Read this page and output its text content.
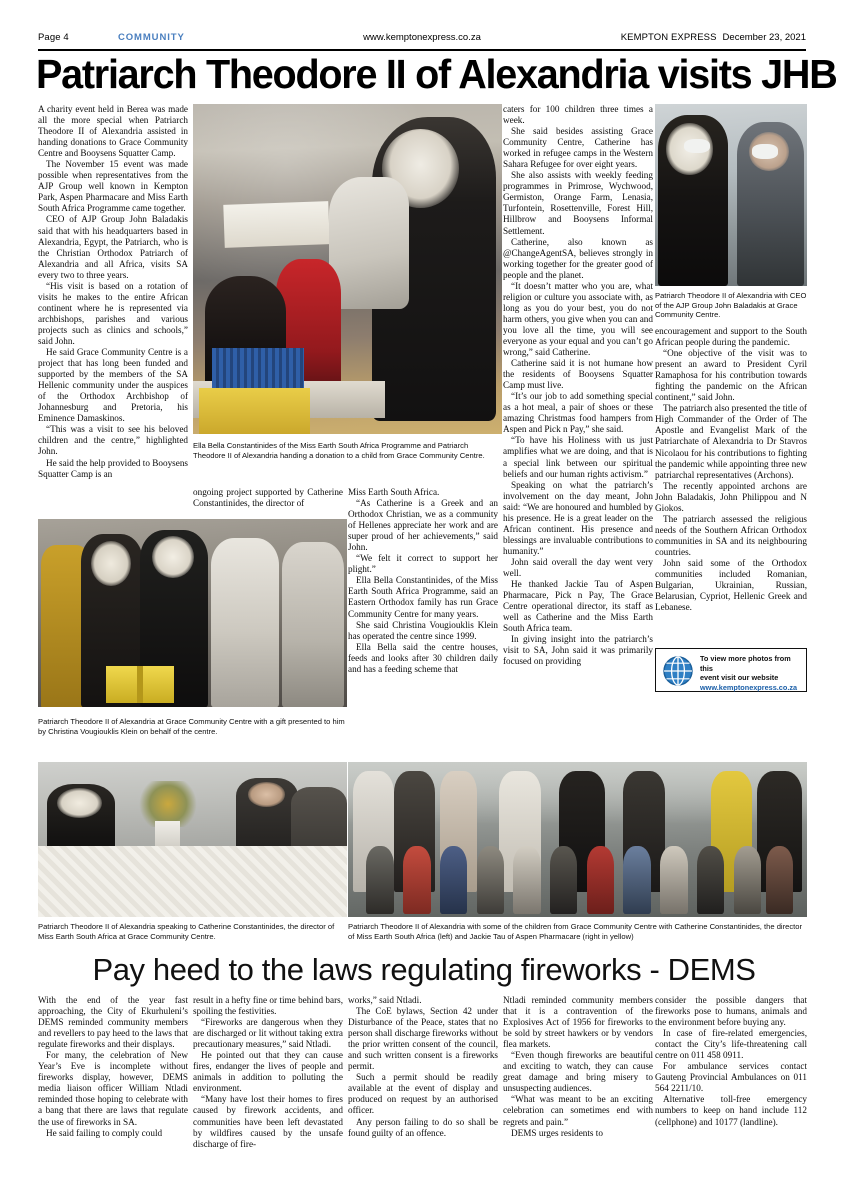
Page 4	COMMUNITY	www.kemptonexpress.co.za	KEMPTON EXPRESS December 23, 2021
Patriarch Theodore II of Alexandria visits JHB

A charity event held in Berea was made all the more special when Patriarch Theodore II of Alexandria assisted in handing donations to Grace Community Centre and Booysens Squatter Camp.

The November 15 event was made possible when representatives from the AJP Group well known in Kempton Park, Aspen Pharmacare and Miss Earth South Africa Programme came together.

CEO of AJP Group John Baladakis said that with his headquarters based in Alexandria, Egypt, the Patriarch, who is the Christian Orthodox Patriarch of Alexandria and all Africa, visits SA every two to three years.

“His visit is based on a rotation of visits he makes to the entire African continent where he is represented via archbishops, parishes and various projects such as clinics and schools,” said John.

He said Grace Community Centre is a project that has long been funded and supported by the members of the SA Hellenic community under the auspices of the Orthodox Archbishop of Johannesburg and Pretoria, his Eminence Damaskinos.

“This was a visit to see his beloved children and the centre,” highlighted John.

He said the help provided to Booysens Squatter Camp is an

Ella Bella Constantinides of the Miss Earth South Africa Programme and Patriarch Theodore II of Alexandria handing a donation to a child from Grace Community Centre.
Patriarch Theodore II of Alexandria with CEO of the AJP Group John Baladakis at Grace Community Centre.

ongoing project supported by Catherine Constantinides, the director of

Miss Earth South Africa.

“As Catherine is a Greek and an Orthodox Christian, we as a community of Hellenes appreciate her work and are super proud of her achievements,” said John.

“We felt it correct to support her plight.”

Ella Bella Constantinides, of the Miss Earth South Africa Programme, said an Eastern Orthodox family has run Grace Community Centre for many years.

She said Christina Vougiouklis Klein has operated the centre since 1999.

Ella Bella said the centre houses, feeds and looks after 30 children daily and has a feeding scheme that

caters for 100 children three times a week.

She said besides assisting Grace Community Centre, Catherine has worked in refugee camps in the Western Sahara Refugee for over eight years.

She also assists with weekly feeding programmes in Primrose, Wychwood, Germiston, Orange Farm, Lenasia, Turfontein, Rosettenville, Forest Hill, Hillbrow and Booysens Informal Settlement.

Catherine, also known as @ChangeAgentSA, believes strongly in working together for the greater good of people and the planet.

“It doesn’t matter who you are, what religion or culture you associate with, as long as you do your best, you do not harm others, you give when you can and you love all the time, you will see everyone as your equal and you can’t go wrong,” said Catherine.

Catherine said it is not humane how the residents of Booysens Squatter Camp must live.

“It’s our job to add something special as a hot meal, a pair of shoes or these amazing Christmas food hampers from Aspen and Pick n Pay,” she said.

“To have his Holiness with us just amplifies what we are doing, and that is a special link between our spiritual beliefs and our human rights activism.”

Speaking on what the patriarch’s involvement on the day meant, John said: “We are honoured and humbled by his presence. He is a great leader on the African continent. His presence and blessings are invaluable contributions to humanity.”

John said overall the day went very well.

He thanked Jackie Tau of Aspen Pharmacare, Pick n Pay, The Grace Centre operational director, its staff as well as Catherine and the Miss Earth South Africa team.

In giving insight into the patriarch’s visit to SA, John said it was primarily focused on providing

encouragement and support to the South African people during the pandemic.

“One objective of the visit was to present an award to President Cyril Ramaphosa for his contribution towards fighting the pandemic on the African continent,” said John.

The patriarch also presented the title of High Commander of the Order of The Apostle and Evangelist Mark of the Patriarchate of Alexandria to Dr Stavros Nicolaou for his contributions to fighting the pandemic while appointing three new patriarchal representatives (Archons).

The recently appointed archons are John Baladakis, John Philippou and N Giokos.

The patriarch assessed the religious needs of the Southern African Orthodox communities in SA and its neighbouring countries.

John said some of the Orthodox communities included Romanian, Bulgarian, Ukrainian, Russian, Belarusian, Cypriot, Hellenic Greek and Lebanese.

To view more photos from this
event visit our website
www.kemptonexpress.co.za
Patriarch Theodore II of Alexandria at Grace Community Centre with a gift presented to him by Christina Vougiouklis Klein on behalf of the centre.
Patriarch Theodore II of Alexandria speaking to Catherine Constantinides, the director of Miss Earth South Africa at Grace Community Centre.
Patriarch Theodore II of Alexandria with some of the children from Grace Community Centre with Catherine Constantinides, the director of Miss Earth South Africa (left) and Jackie Tau of Aspen Pharmacare (right in yellow)
Pay heed to the laws regulating fireworks - DEMS

With the end of the year fast approaching, the City of Ekurhuleni’s DEMS reminded community members and revellers to pay heed to the laws that regulate fireworks and their displays.

For many, the celebration of New Year’s Eve is incomplete without fireworks display, however, DEMS media liaison officer William Ntladi reminded those hoping to celebrate with a bang that there are laws that regulate the use of fireworks in SA.

He said failing to comply could

result in a hefty fine or time behind bars, spoiling the festivities.

“Fireworks are dangerous when they are discharged or lit without taking extra precautionary measures,” said Ntladi.

He pointed out that they can cause fires, endanger the lives of people and animals in addition to polluting the environment.

“Many have lost their homes to fires caused by firework accidents, and communities have been left devastated by wildfires caused by the unsafe discharge of fire-

works,” said Ntladi.

The CoE bylaws, Section 42 under Disturbance of the Peace, states that no person shall discharge fireworks without the prior written consent of the council, and such written consent is a fireworks permit.

Such a permit should be readily available at the event of display and produced on request by an authorised officer.

Any person failing to do so shall be found guilty of an offence.

Ntladi reminded community members that it is a contravention of the Explosives Act of 1956 for fireworks to be sold by street hawkers or by vendors flea markets.

“Even though fireworks are beautiful and exciting to watch, they can cause great damage and bring misery to unsuspecting audiences.

“What was meant to be an exciting celebration can sometimes end with regrets and pain.”

DEMS urges residents to

consider the possible dangers that fireworks pose to humans, animals and the environment before buying any.

In case of fire-related emergencies, contact the City’s life-threatening call centre on 011 458 0911.

For ambulance services contact Gauteng Provincial Ambulances on 011 564 2211/10.

Alternative toll-free emergency numbers to keep on hand include 112 (cellphone) and 10177 (landline).
